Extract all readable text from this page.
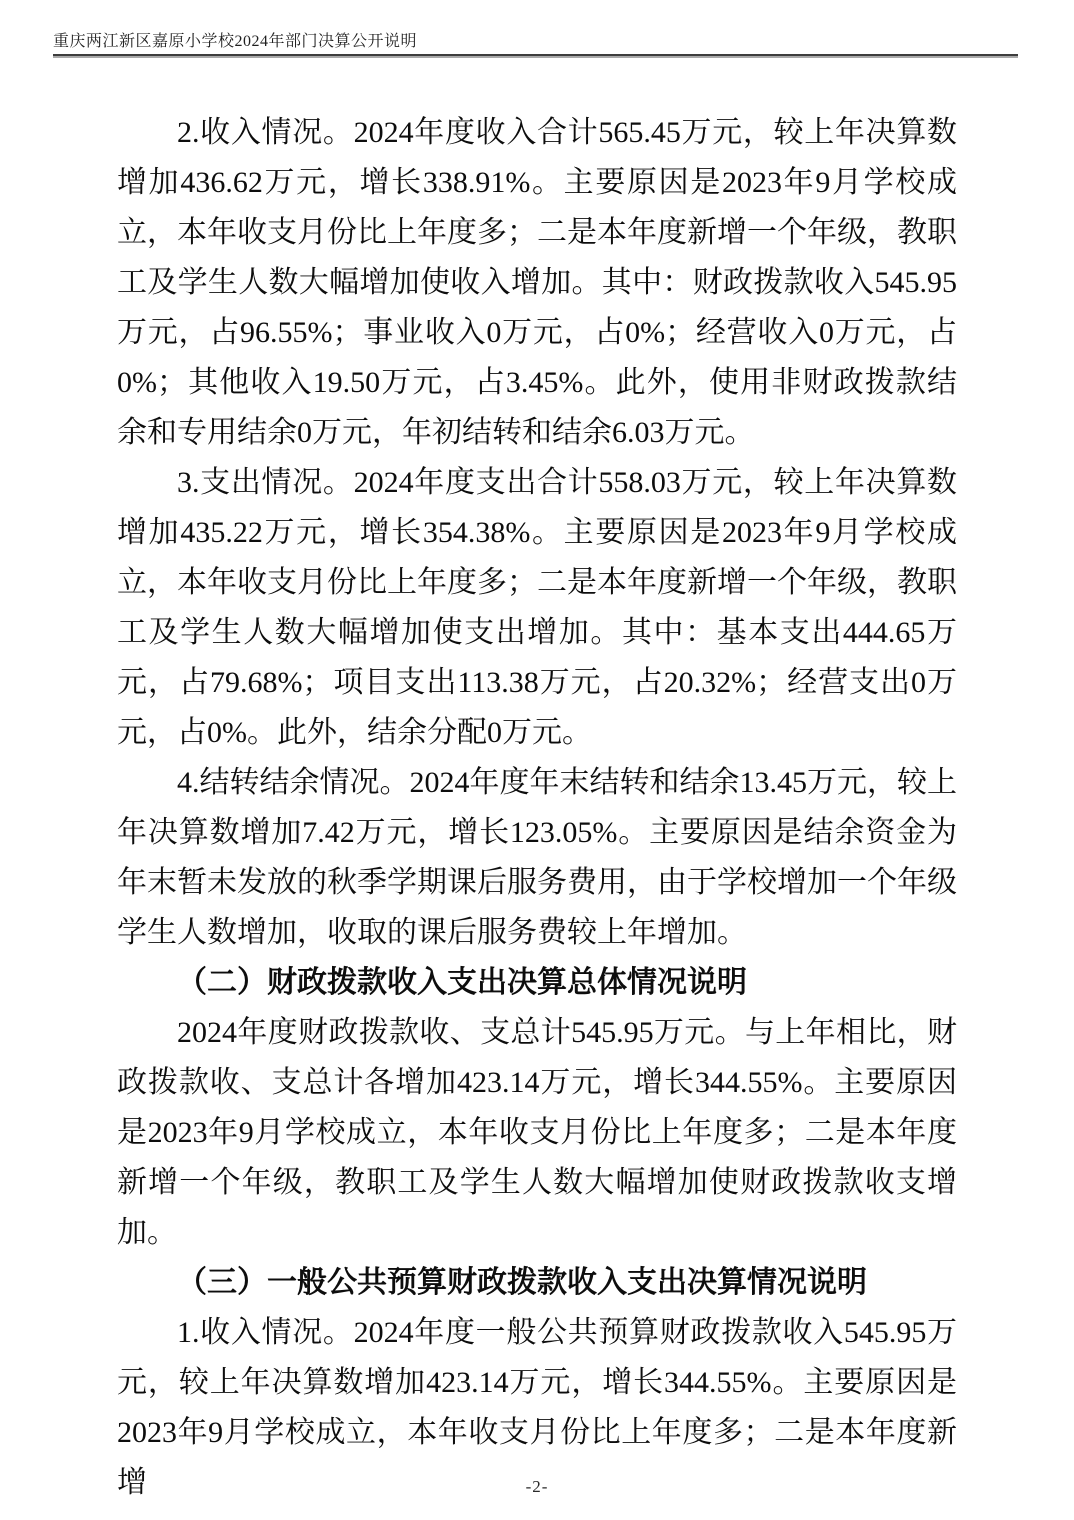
重庆两江新区嘉原小学校2024年部门决算公开说明

2.收入情况。2024年度收入合计565.45万元，较上年决算数增加436.62万元，增长338.91%。主要原因是2023年9月学校成立，本年收支月份比上年度多；二是本年度新增一个年级，教职工及学生人数大幅增加使收入增加。其中：财政拨款收入545.95万元，占96.55%；事业收入0万元，占0%；经营收入0万元，占0%；其他收入19.50万元，占3.45%。此外，使用非财政拨款结余和专用结余0万元，年初结转和结余6.03万元。

3.支出情况。2024年度支出合计558.03万元，较上年决算数增加435.22万元，增长354.38%。主要原因是2023年9月学校成立，本年收支月份比上年度多；二是本年度新增一个年级，教职工及学生人数大幅增加使支出增加。其中：基本支出444.65万元，占79.68%；项目支出113.38万元，占20.32%；经营支出0万元，占0%。此外，结余分配0万元。

4.结转结余情况。2024年度年末结转和结余13.45万元，较上年决算数增加7.42万元，增长123.05%。主要原因是结余资金为年末暂未发放的秋季学期课后服务费用，由于学校增加一个年级学生人数增加，收取的课后服务费较上年增加。

（二）财政拨款收入支出决算总体情况说明

2024年度财政拨款收、支总计545.95万元。与上年相比，财政拨款收、支总计各增加423.14万元，增长344.55%。主要原因是2023年9月学校成立，本年收支月份比上年度多；二是本年度新增一个年级，教职工及学生人数大幅增加使财政拨款收支增加。

（三）一般公共预算财政拨款收入支出决算情况说明

1.收入情况。2024年度一般公共预算财政拨款收入545.95万元，较上年决算数增加423.14万元，增长344.55%。主要原因是2023年9月学校成立，本年收支月份比上年度多；二是本年度新增	-2-
